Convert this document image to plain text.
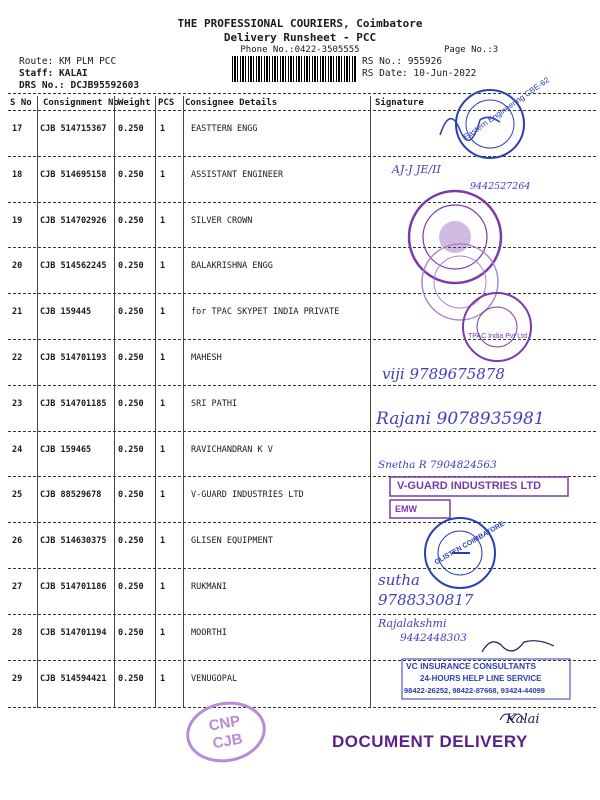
THE PROFESSIONAL COURIERS, Coimbatore
Delivery Runsheet - PCC
Phone No.:0422-3505555	Page No.:3
Route: KM PLM PCC
Staff: KALAI
DRS No.: DCJB95592603
RS No.: 955926
RS Date: 10-Jun-2022
S No Consignment No Weight PCS Consignee Details	Signature
17 CJB 514715367 0.250 1	EASTTERN ENGG
18 CJB 514695158 0.250 1	ASSISTANT ENGINEER
19 CJB 514702926 0.250 1	SILVER CROWN
20 CJB 514562245 0.250 1	BALAKRISHNA ENGG
21 CJB 159445	0.250 1	for TPAC SKYPET INDIA PRIVATE
22 CJB 514701193 0.250 1	MAHESH
23 CJB 514701185 0.250 1	SRI PATHI
24 CJB 159465	0.250 1	RAVICHANDRAN K V
25 CJB 88529678 0.250 1	V-GUARD INDUSTRIES LTD
26 CJB 514630375 0.250 1	GLISEN EQUIPMENT
27 CJB 514701186 0.250 1	RUKMANI
28 CJB 514701194 0.250 1	MOORTHI
29 CJB 514594421 0.250 1	VENUGOPAL
Eastern Engineering CBE-62
AJ-J JE/II
9442527264
TPAC India Pvt Ltd
viji 9789675878
Rajani 9078935981
Snetha R 7904824563
V-GUARD INDUSTRIES LTD
EMW
GLISTEN COIMBATORE
sutha
9788330817
Rajalakshmi
9442448303
VC INSURANCE CONSULTANTS
24-HOURS HELP LINE SERVICE
98422-26252, 98422-87668, 93424-44099
Kalai
CNP
CJB	DOCUMENT DELIVERY
